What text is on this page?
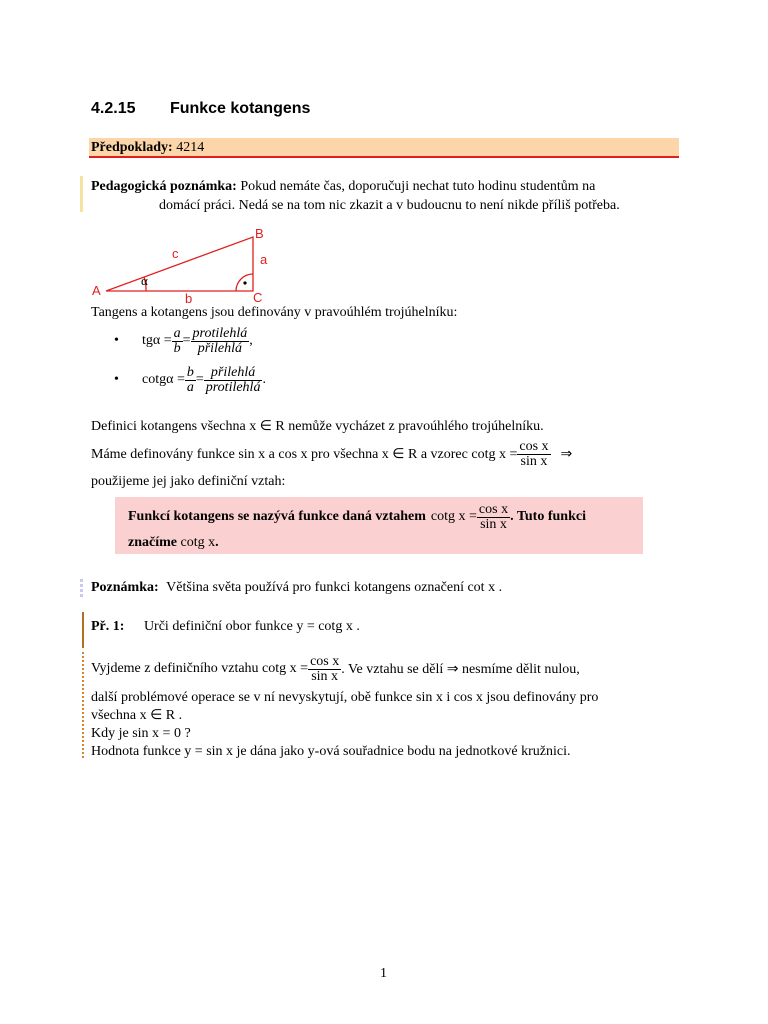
4.2.15 Funkce kotangens
Předpoklady: 4214
Pedagogická poznámka: Pokud nemáte čas, doporučuji nechat tuto hodinu studentům na
domácí práci. Nedá se na tom nic zkazit a v budoucnu to není nikde příliš potřeba.
A
B
C
a
b
c
α
Tangens a kotangens jsou definovány v pravoúhlém trojúhelníku:
•	$tg\alpha = \frac{a}{b} = \frac{\text{protilehlá}}{\text{přilehlá}}$ ,
•	$\cot g\alpha = \frac{b}{a} = \frac{\text{přilehlá}}{\text{protilehlá}}$ .
Definici kotangens všechna x ∈ R nemůže vycházet z pravoúhlého trojúhelníku.
Máme definovány funkce sin x a cos x pro všechna x ∈ R a vzorec cotg $x = \frac{\text{cos x}}{\text{sin x}}$ ⇒
použijeme jej jako definiční vztah:
Funkcí kotangens se nazývá funkce daná vztahem cotg $x = \frac{\text{cos x}}{\text{sin x}}$ . Tuto funkci
značíme cotg x.
Poznámka: Většina světa používá pro funkci kotangens označení cot x .
Př. 1: Urči definiční obor funkce y = cotg x .
Vyjdeme z definičního vztahu cotg $x = \frac{\text{cos x}}{\text{sin x}}$ . Ve vztahu se dělí ⇒ nesmíme dělit nulou,
další problémové operace se v ní nevyskytují, obě funkce sin x i cos x jsou definovány pro
všechna x ∈ R .
Kdy je sin x = 0 ?
Hodnota funkce y = sin x je dána jako y-ová souřadnice bodu na jednotkové kružnici.
1
